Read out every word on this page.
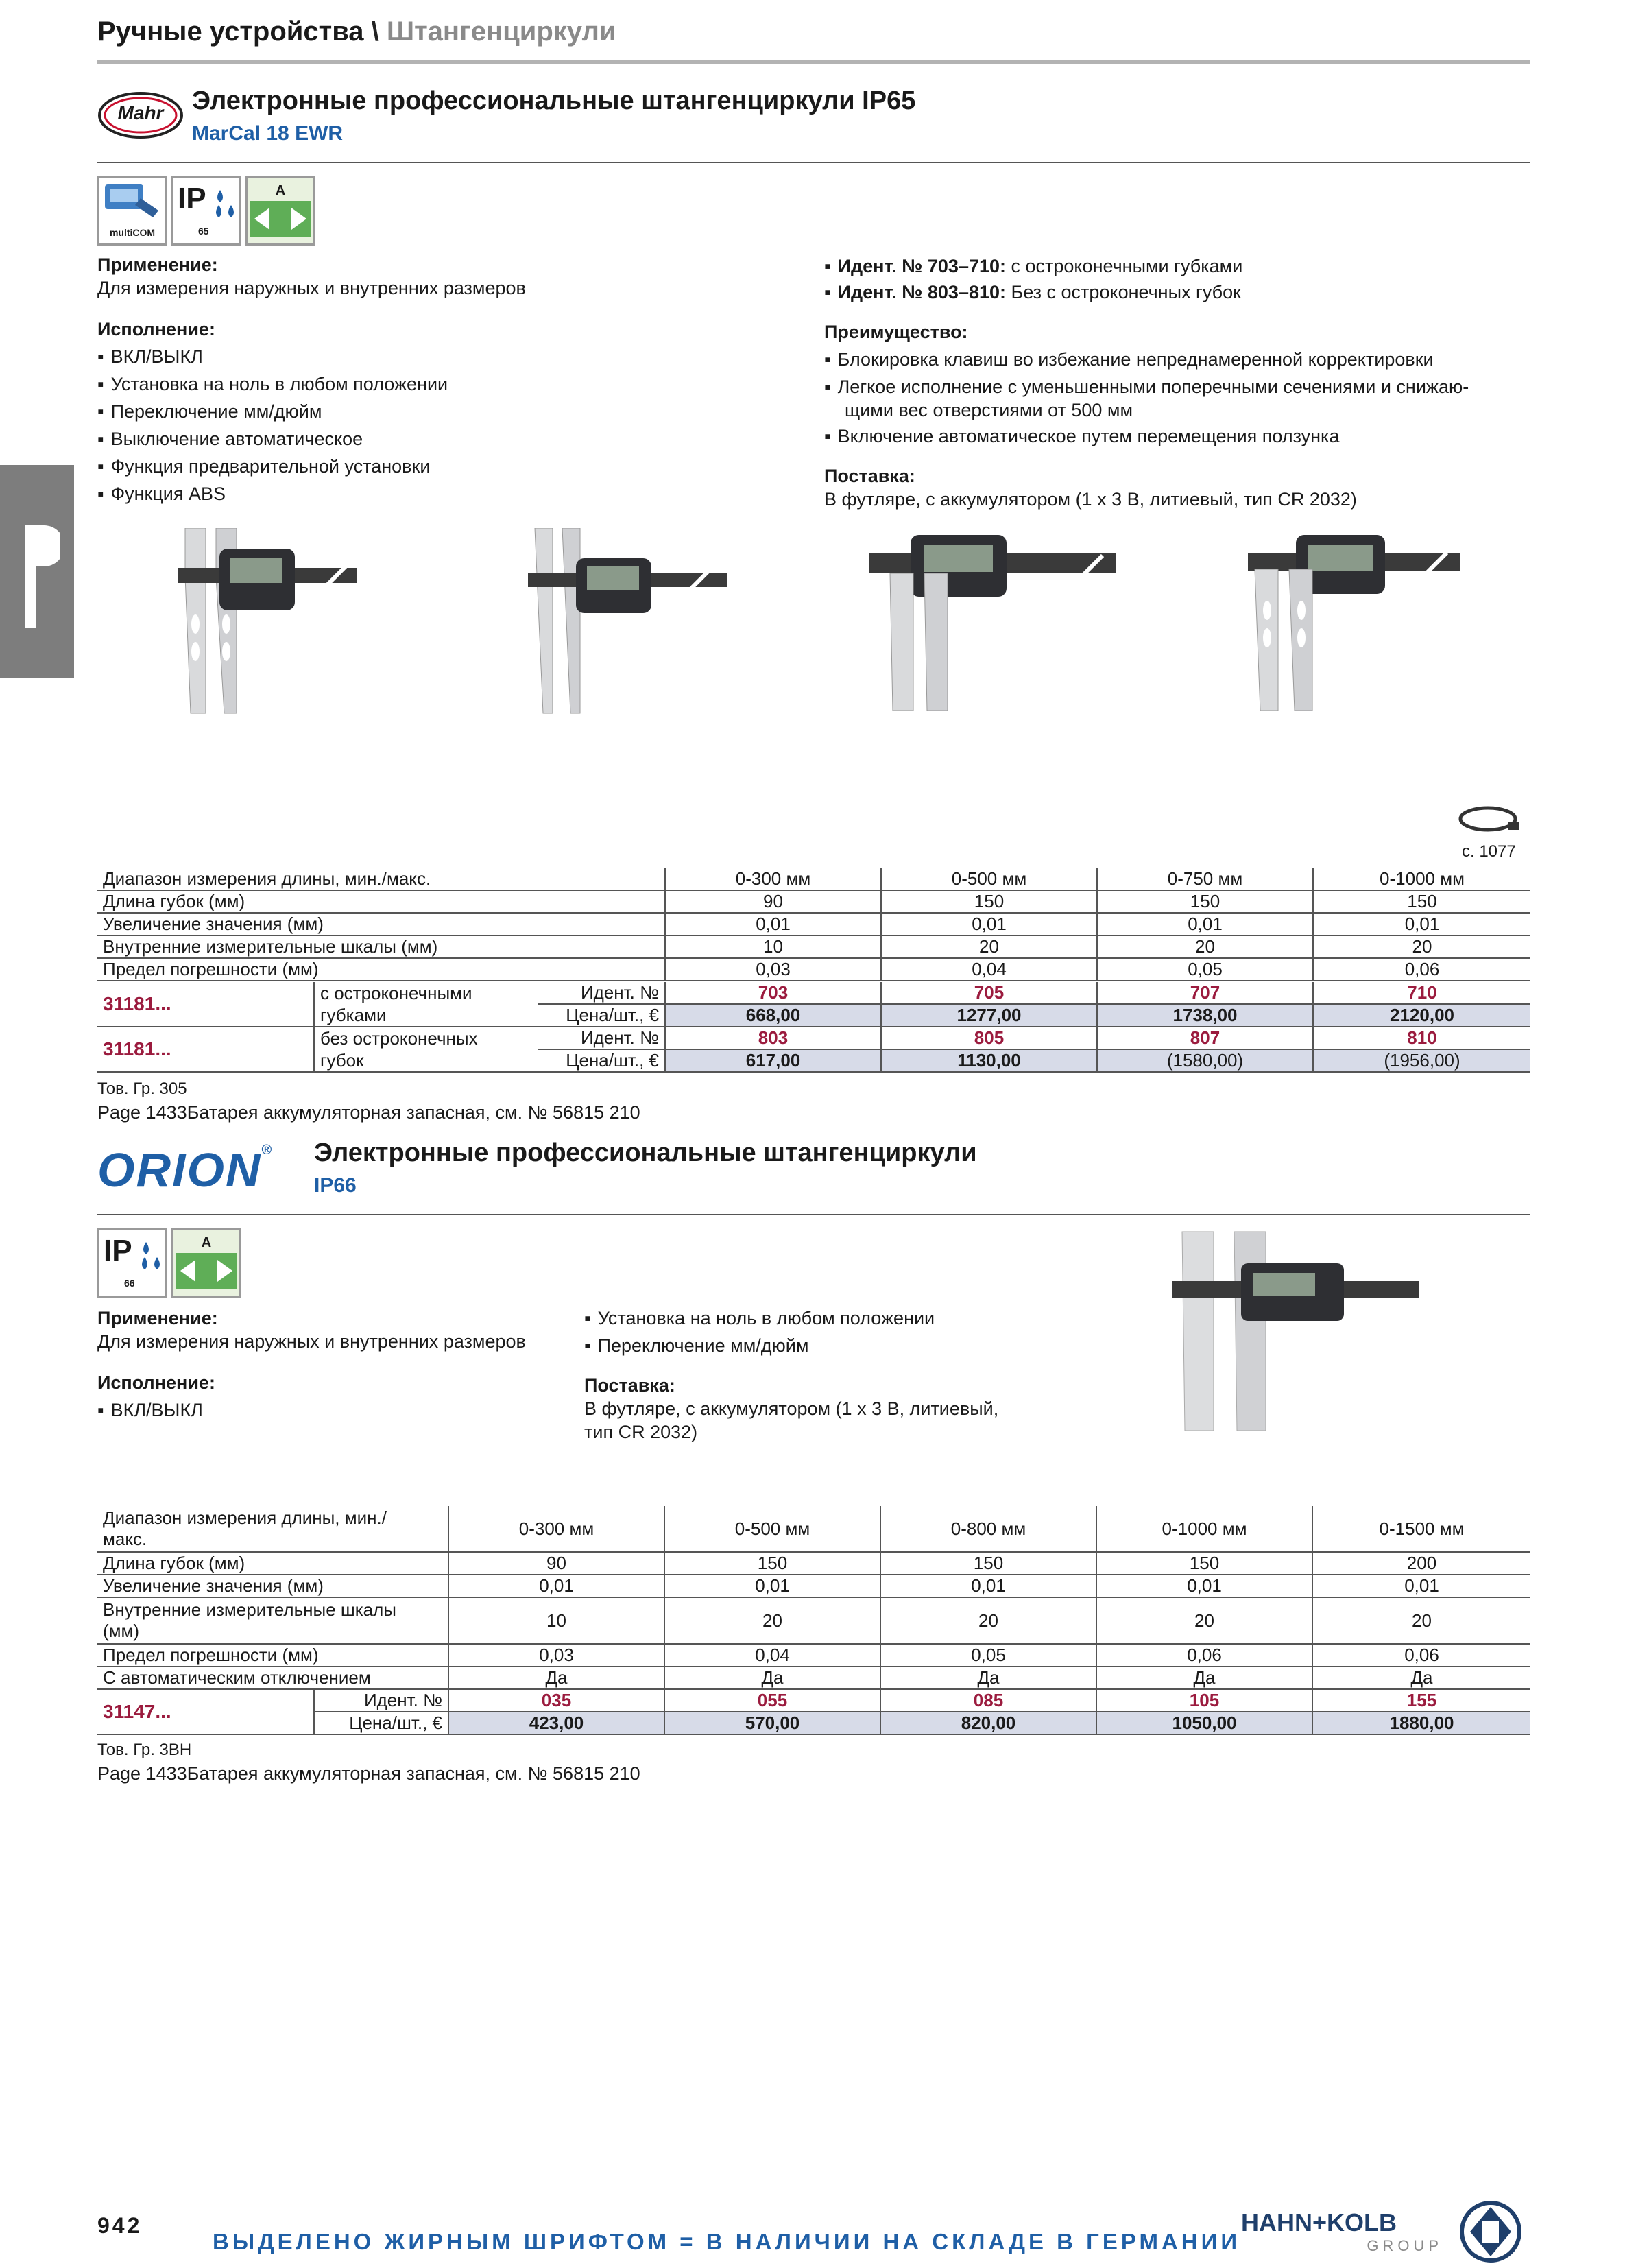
Ручные устройства \ Штангенциркули
Mahr	Электронные профессиональные штангенциркули IP65
MarCal 18 EWR
multiCOM
IP
65
A
Применение:
Для измерения наружных и внутренних размеров
Исполнение:
▪ ВКЛ/ВЫКЛ
▪ Установка на ноль в любом положении
▪ Переключение мм/дюйм
▪ Выключение автоматическое
▪ Функция предварительной установки
▪ Функция ABS
▪ Идент. № 703–710: с остроконечными губками
▪ Идент. № 803–810: Без с остроконечных губок
Преимущество:
▪ Блокировка клавиш во избежание непреднамеренной корректировки
▪ Легкое исполнение с уменьшенными поперечными сечениями и снижаю-
щими вес отверстиями от 500 мм
▪ Включение автоматическое путем перемещения ползунка
Поставка:
В футляре, с аккумулятором (1 x 3 В, литиевый, тип CR 2032)
с. 1077
Диапазон измерения длины, мин./макс.	0-300 мм	0-500 мм	0-750 мм	0-1000 мм
Длина губок (мм)	90	150	150	150
Увеличение значения (мм)	0,01	0,01	0,01	0,01
Внутренние измерительные шкалы (мм)	10	20	20	20
Предел погрешности (мм)	0,03	0,04	0,05	0,06
31181...	с остроконечными	Идент. №	703	705	707	710
	губками	Цена/шт., €	668,00	1277,00	1738,00	2120,00
31181...	без остроконечных	Идент. №	803	805	807	810
	губок	Цена/шт., €	617,00	1130,00	(1580,00)	(1956,00)
Тов. Гр. 305
Page 1433Батарея аккумуляторная запасная, см. № 56815 210
ORION®	Электронные профессиональные штангенциркули
IP66
IP
66
A
Применение:
Для измерения наружных и внутренних размеров
Исполнение:
▪ ВКЛ/ВЫКЛ
▪ Установка на ноль в любом положении
▪ Переключение мм/дюйм
Поставка:
В футляре, с аккумулятором (1 x 3 В, литиевый,
тип CR 2032)
Диапазон измерения длины, мин./
макс.	0-300 мм	0-500 мм	0-800 мм	0-1000 мм	0-1500 мм
Длина губок (мм)	90	150	150	150	200
Увеличение значения (мм)	0,01	0,01	0,01	0,01	0,01
Внутренние измерительные шкалы
(мм)	10	20	20	20	20
Предел погрешности (мм)	0,03	0,04	0,05	0,06	0,06
С автоматическим отключением	Да	Да	Да	Да	Да
31147...	Идент. №	035	055	085	105	155
	Цена/шт., €	423,00	570,00	820,00	1050,00	1880,00
Тов. Гр. 3ВН
Page 1433Батарея аккумуляторная запасная, см. № 56815 210
942
ВЫДЕЛЕНО ЖИРНЫМ ШРИФТОМ = В НАЛИЧИИ НА СКЛАДЕ В ГЕРМАНИИ
HAHN+KOLB
GROUP
